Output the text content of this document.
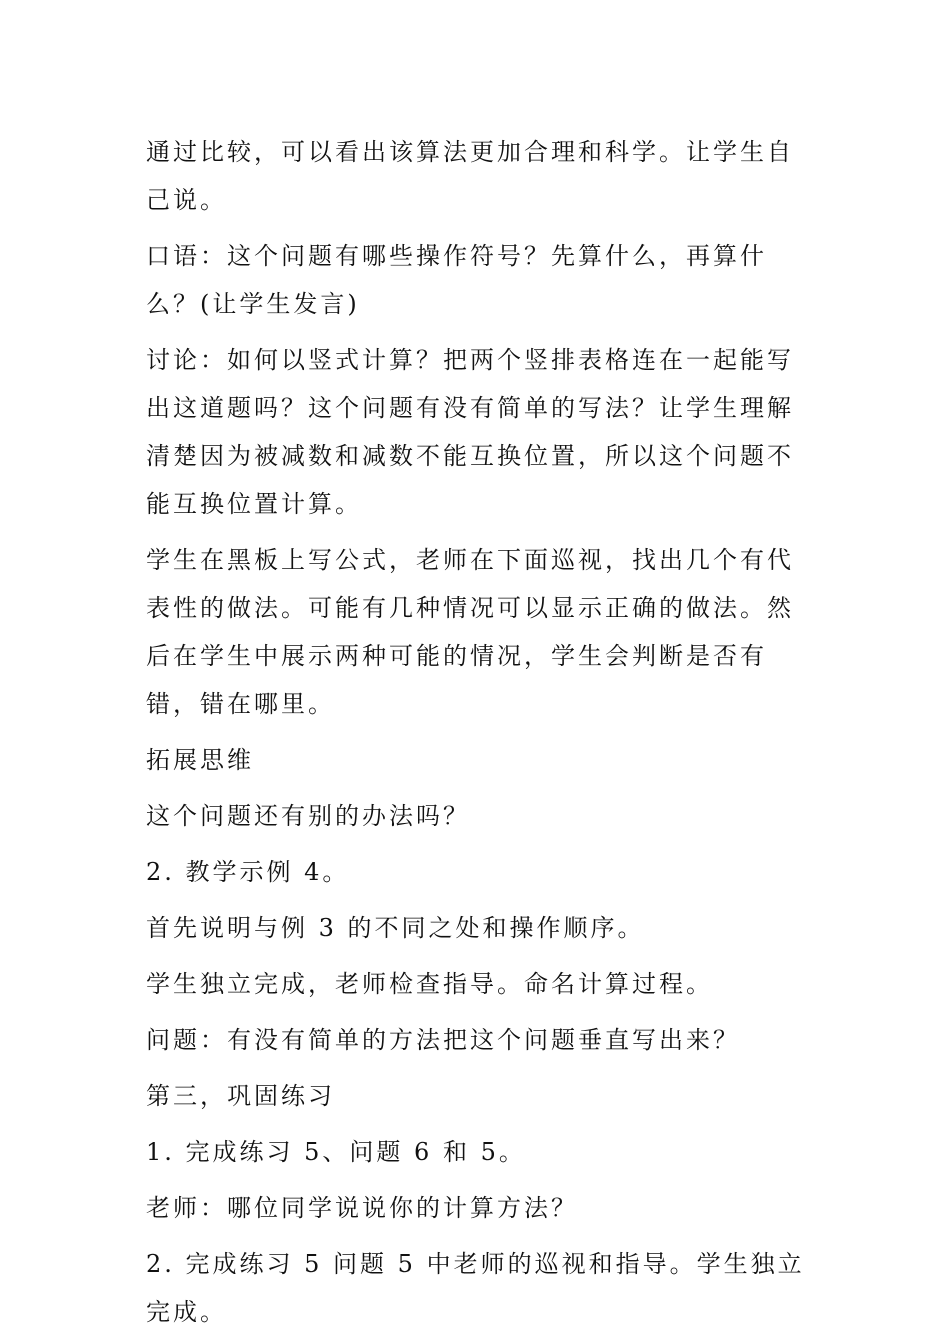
通过比较，可以看出该算法更加合理和科学。让学生自己说。

口语：这个问题有哪些操作符号？先算什么，再算什么？(让学生发言)

讨论：如何以竖式计算？把两个竖排表格连在一起能写出这道题吗？这个问题有没有简单的写法？让学生理解清楚因为被减数和减数不能互换位置，所以这个问题不能互换位置计算。

学生在黑板上写公式，老师在下面巡视，找出几个有代表性的做法。可能有几种情况可以显示正确的做法。然后在学生中展示两种可能的情况，学生会判断是否有错，错在哪里。

拓展思维

这个问题还有别的办法吗？

2. 教学示例 4。

首先说明与例 3 的不同之处和操作顺序。

学生独立完成，老师检查指导。命名计算过程。

问题：有没有简单的方法把这个问题垂直写出来？

第三，巩固练习

1. 完成练习 5、问题 6 和 5。

老师：哪位同学说说你的计算方法？

2. 完成练习 5 问题 5 中老师的巡视和指导。学生独立完成。
